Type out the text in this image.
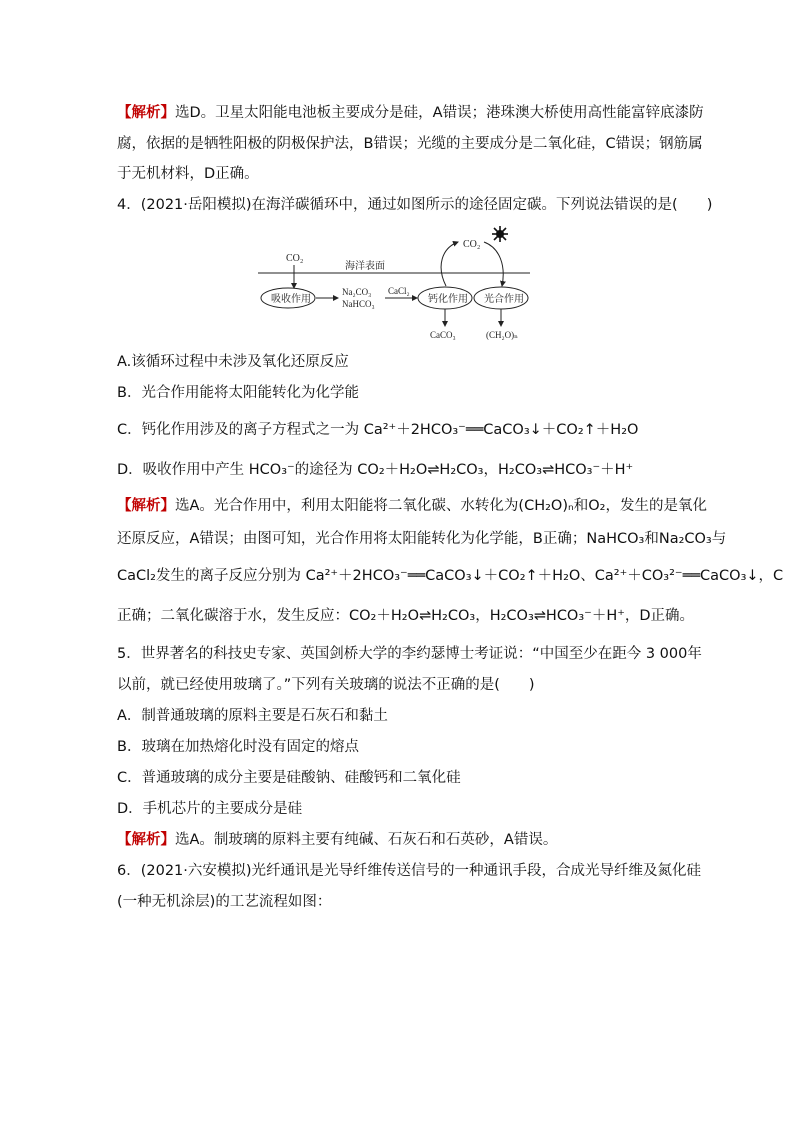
【解析】选D。卫星太阳能电池板主要成分是硅，A错误；港珠澳大桥使用高性能富锌底漆防
腐，依据的是牺牲阳极的阴极保护法，B错误；光缆的主要成分是二氧化硅，C错误；钢筋属
于无机材料，D正确。
4．(2021·岳阳模拟)在海洋碳循环中，通过如图所示的途径固定碳。下列说法错误的是(　　)
CO₂
海洋表面
吸收作用
Na₂CO₃
NaHCO₃
CaCl₂
钙化作用 光合作用
CaCO₃	(CH₂O)ₙ
CO₂
A.该循环过程中未涉及氧化还原反应
B．光合作用能将太阳能转化为化学能
C．钙化作用涉及的离子方程式之一为 Ca²⁺＋2HCO₃⁻══CaCO₃↓＋CO₂↑＋H₂O
D．吸收作用中产生 HCO₃⁻的途径为 CO₂＋H₂O⇌H₂CO₃，H₂CO₃⇌HCO₃⁻＋H⁺
【解析】选A。光合作用中，利用太阳能将二氧化碳、水转化为(CH₂O)ₙ和O₂，发生的是氧化
还原反应，A错误；由图可知，光合作用将太阳能转化为化学能，B正确；NaHCO₃和Na₂CO₃与
CaCl₂发生的离子反应分别为 Ca²⁺＋2HCO₃⁻══CaCO₃↓＋CO₂↑＋H₂O、Ca²⁺＋CO₃²⁻══CaCO₃↓，C
正确；二氧化碳溶于水，发生反应：CO₂＋H₂O⇌H₂CO₃，H₂CO₃⇌HCO₃⁻＋H⁺，D正确。
5．世界著名的科技史专家、英国剑桥大学的李约瑟博士考证说：“中国至少在距今 3 000年
以前，就已经使用玻璃了。”下列有关玻璃的说法不正确的是(　　)
A．制普通玻璃的原料主要是石灰石和黏土
B．玻璃在加热熔化时没有固定的熔点
C．普通玻璃的成分主要是硅酸钠、硅酸钙和二氧化硅
D．手机芯片的主要成分是硅
【解析】选A。制玻璃的原料主要有纯碱、石灰石和石英砂，A错误。
6．(2021·六安模拟)光纤通讯是光导纤维传送信号的一种通讯手段，合成光导纤维及氮化硅
(一种无机涂层)的工艺流程如图：
